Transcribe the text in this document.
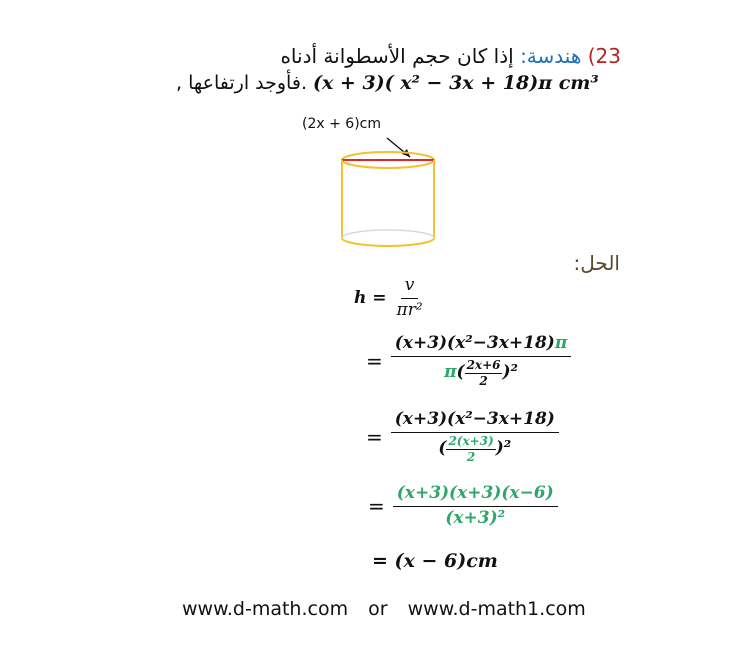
23) هندسة: إذا كان حجم الأسطوانة أدناه
, فأوجد ارتفاعها. (x + 3)( x² − 3x + 18)π cm³
(2x + 6)cm
الحل:
$h = \frac{v}{\text{πr²}}$
= $\frac{\text{(x+3)(x²−3x+18)π}}{\pi ( \frac{2x+6}{2} )^2}$
= $\frac{\text{(x+3)(x²−3x+18)}}{( \frac{2(x+3)}{2} )^2}$
= $\frac{(x+3)(x+3)(x-6)}{\text{(x+3)²}}$
= (x − 6)cm
www.d-math.com or www.d-math1.com
